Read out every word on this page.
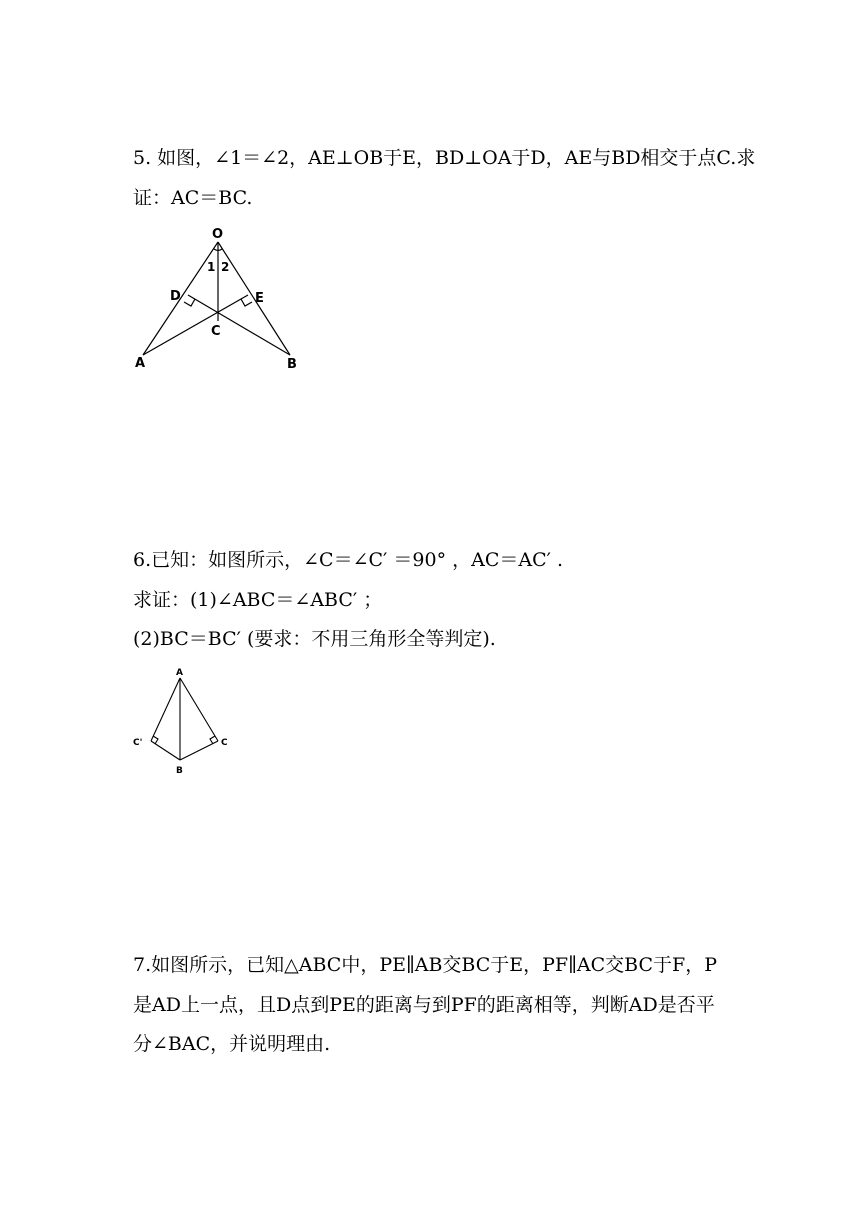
5. 如图，∠1＝∠2，AE⊥OB于E，BD⊥OA于D，AE与BD相交于点C.求
证：AC＝BC.
O
1 2
D	E
C
A	B
6.已知：如图所示，∠C＝∠C′ ＝90° ，AC＝AC′ .
求证：(1)∠ABC＝∠ABC′ ；
(2)BC＝BC′ (要求：不用三角形全等判定).
A
B
C
C'
7.如图所示，已知△ABC中，PE∥AB交BC于E，PF∥AC交BC于F，P
是AD上一点，且D点到PE的距离与到PF的距离相等，判断AD是否平
分∠BAC，并说明理由.
